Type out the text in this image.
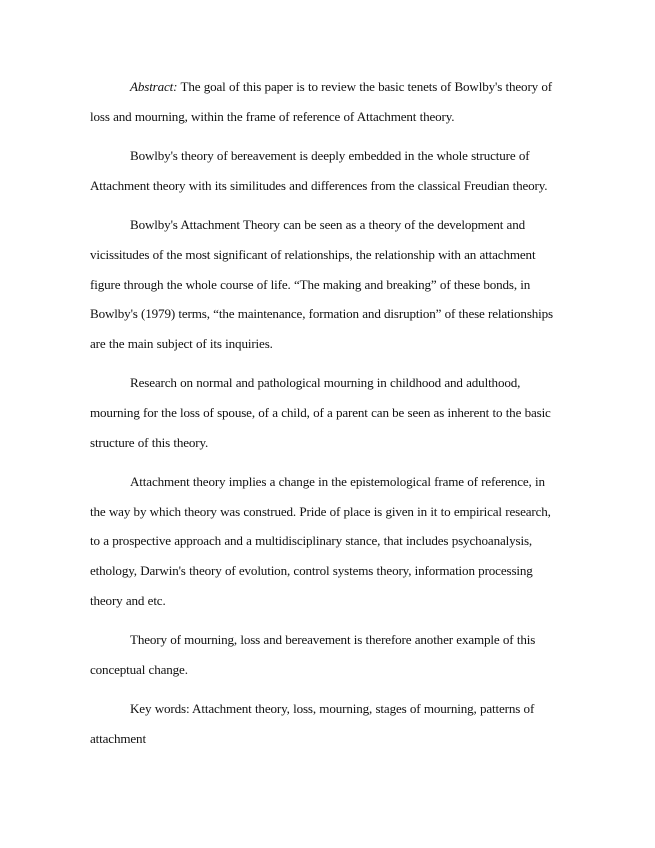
Abstract: The goal of this paper is to review the basic tenets of Bowlby's theory of
loss and mourning, within the frame of reference of Attachment theory.

Bowlby's theory of bereavement is deeply embedded in the whole structure of
Attachment theory with its similitudes and differences from the classical Freudian theory.

Bowlby's Attachment Theory can be seen as a theory of the development and
vicissitudes of the most significant of relationships, the relationship with an attachment
figure through the whole course of life. “The making and breaking” of these bonds, in
Bowlby's (1979) terms, “the maintenance, formation and disruption” of these relationships
are the main subject of its inquiries.

Research on normal and pathological mourning in childhood and adulthood,
mourning for the loss of spouse, of a child, of a parent can be seen as inherent to the basic
structure of this theory.

Attachment theory implies a change in the epistemological frame of reference, in
the way by which theory was construed. Pride of place is given in it to empirical research,
to a prospective approach and a multidisciplinary stance, that includes psychoanalysis,
ethology, Darwin's theory of evolution, control systems theory, information processing
theory and etc.

Theory of mourning, loss and bereavement is therefore another example of this
conceptual change.

Key words: Attachment theory, loss, mourning, stages of mourning, patterns of
attachment
